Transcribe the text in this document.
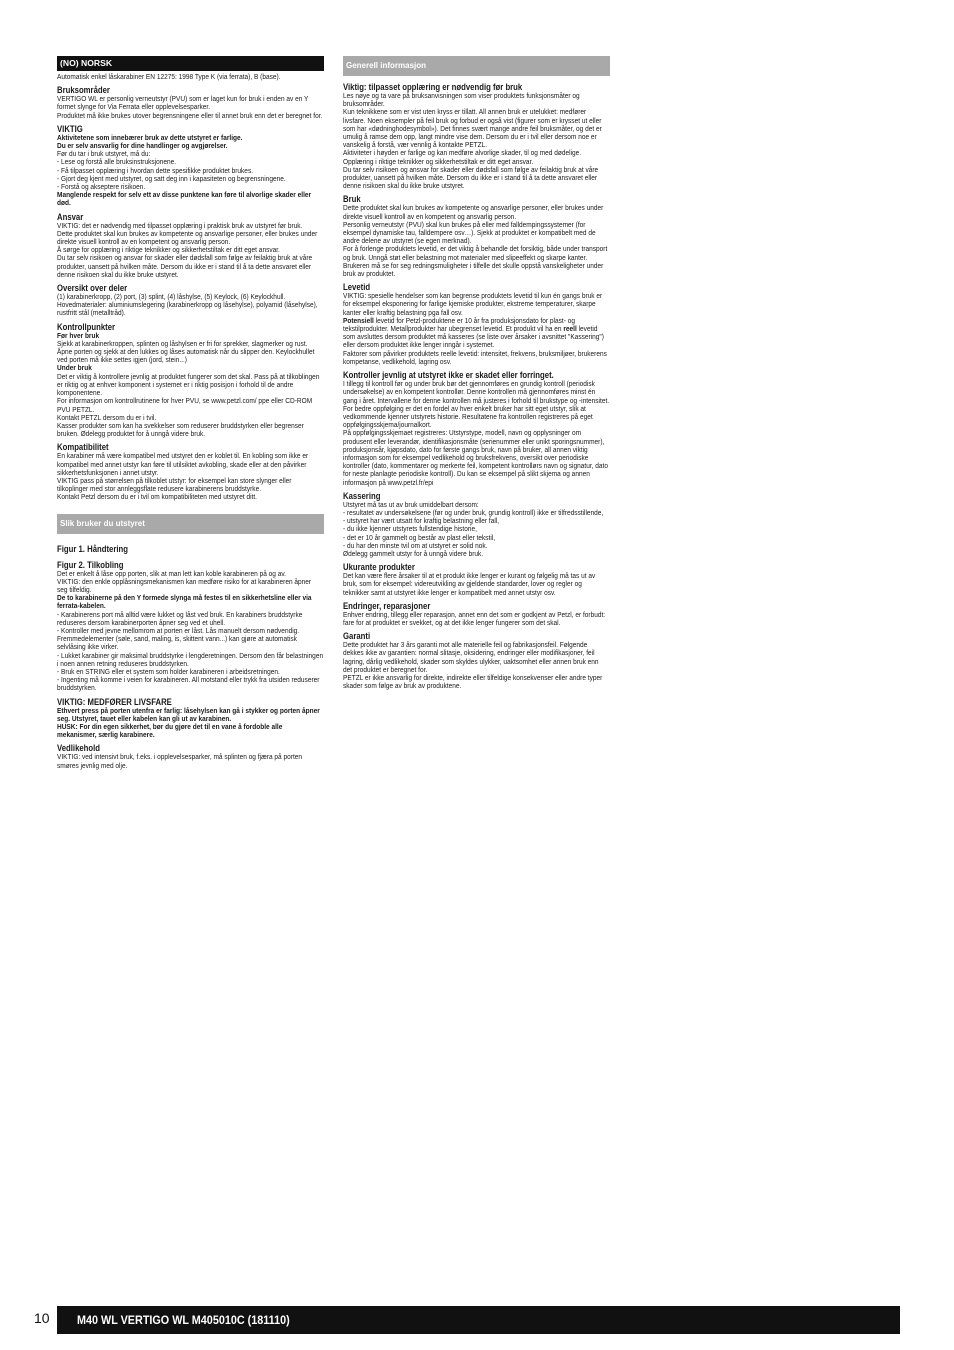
(NO) NORSK

Automatisk enkel låskarabiner EN 12275: 1998 Type K (via ferrata), B (base).

Bruksområder

VERTIGO WL er personlig verneutstyr (PVU) som er laget kun for bruk i enden av en Y formet slynge for Via Ferrata eller opplevelsesparker.
Produktet må ikke brukes utover begrensningene eller til annet bruk enn det er beregnet for.

VIKTIG

Aktivitetene som innebærer bruk av dette utstyret er farlige.
Du er selv ansvarlig for dine handlinger og avgjørelser.
Før du tar i bruk utstyret, må du:
- Lese og forstå alle bruksinstruksjonene.
- Få tilpasset opplæring i hvordan dette spesifikke produktet brukes.
- Gjort deg kjent med utstyret, og satt deg inn i kapasiteten og begrensningene.
- Forstå og akseptere risikoen.
Manglende respekt for selv ett av disse punktene kan føre til alvorlige skader eller død.

Ansvar

VIKTIG: det er nødvendig med tilpasset opplæring i praktisk bruk av utstyret før bruk.
Dette produktet skal kun brukes av kompetente og ansvarlige personer, eller brukes under direkte visuell kontroll av en kompetent og ansvarlig person.
Å sørge for opplæring i riktige teknikker og sikkerhetstiltak er ditt eget ansvar.
Du tar selv risikoen og ansvar for skader eller dødsfall som følge av feilaktig bruk at våre produkter, uansett på hvilken måte. Dersom du ikke er i stand til å ta dette ansvaret eller denne risikoen skal du ikke bruke utstyret.

Oversikt over deler

(1) karabinerkropp, (2) port, (3) splint, (4) låshylse, (5) Keylock, (6) Keylockhull.
Hovedmaterialer: aluminiumslegering (karabinerkropp og låsehylse), polyamid (låsehylse), rustfritt stål (metalltråd).

Kontrollpunkter

Før hver bruk
Sjekk at karabinerkroppen, splinten og låshylsen er fri for sprekker, slagmerker og rust. Åpne porten og sjekk at den lukkes og låses automatisk når du slipper den. Keylockhullet ved porten må ikke settes igjen (jord, stein...)
Under bruk
Det er viktig å kontrollere jevnlig at produktet fungerer som det skal. Pass på at tilkoblingen er riktig og at enhver komponent i systemet er i riktig posisjon i forhold til de andre komponentene.
For informasjon om kontrollrutinene for hver PVU, se www.petzl.com/ ppe eller CD-ROM PVU PETZL.
Kontakt PETZL dersom du er i tvil.
Kasser produkter som kan ha svekkelser som reduserer bruddstyrken eller begrenser bruken. Ødelegg produktet for å unngå videre bruk.

Kompatibilitet

En karabiner må være kompatibel med utstyret den er koblet til. En kobling som ikke er kompatibel med annet utstyr kan føre til utilsiktet avkobling, skade eller at den påvirker sikkerhetsfunksjonen i annet utstyr.
VIKTIG pass på størrelsen på tilkoblet utstyr: for eksempel kan store slynger eller tilkoplinger med stor annleggsflate redusere karabinerens bruddstyrke.
Kontakt Petzl dersom du er i tvil om kompatibiliteten med utstyret ditt.

Slik bruker du utstyret

Figur 1. Håndtering

Figur 2. Tilkobling

Det er enkelt å låse opp porten, slik at man lett kan koble karabineren på og av.
VIKTIG: den enkle opplåsningsmekanismen kan medføre risiko for at karabineren åpner seg tilfeldig.
De to karabinerne på den Y formede slynga må festes til en sikkerhetsline eller via ferrata-kabelen.
- Karabinerens port må alltid være lukket og låst ved bruk. En karabiners bruddstyrke reduseres dersom karabinerporten åpner seg ved et uhell.
- Kontroller med jevne mellomrom at porten er låst. Lås manuelt dersom nødvendig. Fremmedelementer (søle, sand, maling, is, skittent vann...) kan gjøre at automatisk selvlåsing ikke virker.
- Lukket karabiner gir maksimal bruddstyrke i lengderetningen. Dersom den får belastningen i noen annen retning reduseres bruddstyrken.
- Bruk en STRING eller et system som holder karabineren i arbeidsretningen.
- Ingenting må komme i veien for karabineren. All motstand eller trykk fra utsiden reduserer bruddstyrken.

VIKTIG: MEDFØRER LIVSFARE

Ethvert press på porten utenfra er farlig: låsehylsen kan gå i stykker og porten åpner seg. Utstyret, tauet eller kabelen kan gli ut av karabinen.
HUSK: For din egen sikkerhet, bør du gjøre det til en vane å fordoble alle mekanismer, særlig karabinere.

Vedlikehold

VIKTIG: ved intensivt bruk, f.eks. i opplevelsesparker, må splinten og fjæra på porten smøres jevnlig med olje.

Generell informasjon

Viktig: tilpasset opplæring er nødvendig før bruk

Les nøye og ta vare på bruksanvisningen som viser produktets funksjonsmåter og bruksområder.
Kun teknikkene som er vist uten kryss er tillatt. All annen bruk er utelukket: medfører livsfare. Noen eksempler på feil bruk og forbud er også vist (figurer som er krysset ut eller som har «dødninghodesymbol»). Det finnes svært mange andre feil bruksmåter, og det er umulig å ramse dem opp, langt mindre vise dem. Dersom du er i tvil eller dersom noe er vanskelig å forstå, vær vennlig å kontakte PETZL.
Aktiviteter i høyden er farlige og kan medføre alvorlige skader, til og med dødelige. Opplæring i riktige teknikker og sikkerhetstiltak er ditt eget ansvar.
Du tar selv risikoen og ansvar for skader eller dødsfall som følge av feilaktig bruk at våre produkter, uansett på hvilken måte. Dersom du ikke er i stand til å ta dette ansvaret eller denne risikoen skal du ikke bruke utstyret.

Bruk

Dette produktet skal kun brukes av kompetente og ansvarlige personer, eller brukes under direkte visuell kontroll av en kompetent og ansvarlig person.
Personlig verneutstyr (PVU) skal kun brukes på eller med falldempingssystemer (for eksempel dynamiske tau, falldempere osv…). Sjekk at produktet er kompatibelt med de andre delene av utstyret (se egen merknad).
For å forlenge produktets levetid, er det viktig å behandle det forsiktig, både under transport og bruk. Unngå støt eller belastning mot materialer med slipeeffekt og skarpe kanter.
Brukeren må se for seg redningsmuligheter i tilfelle det skulle oppstå vanskeligheter under bruk av produktet.

Levetid

VIKTIG: spesielle hendelser som kan begrense produktets levetid til kun én gangs bruk er for eksempel eksponering for farlige kjemiske produkter, ekstreme temperaturer, skarpe kanter eller kraftig belastning pga fall osv.
Potensiell levetid for Petzl-produktene er 10 år fra produksjonsdato for plast- og tekstilprodukter. Metallprodukter har ubegrenset levetid. Et produkt vil ha en reell levetid som avsluttes dersom produktet må kasseres (se liste over årsaker i avsnittet "Kassering") eller dersom produktet ikke lenger inngår i systemet.
Faktorer som påvirker produktets reelle levetid: intensitet, frekvens, bruksmiljøer, brukerens kompetanse, vedlikehold, lagring osv.

Kontroller jevnlig at utstyret ikke er skadet eller forringet.

I tillegg til kontroll før og under bruk bør det gjennomføres en grundig kontroll (periodisk undersøkelse) av en kompetent kontrollør. Denne kontrollen må gjennomføres minst én gang i året. Intervallene for denne kontrollen må justeres i forhold til brukstype og -intensitet. For bedre oppfølging er det en fordel av hver enkelt bruker har sitt eget utstyr, slik at vedkommende kjenner utstyrets historie. Resultatene fra kontrollen registreres på eget oppfølgingsskjema/journalkort.
På oppfølgingsskjemaet registreres: Utstyrstype, modell, navn og opplysninger om produsent eller leverandør, identifikasjonsmåte (serienummer eller unikt sporingsnummer), produksjonsår, kjøpsdato, dato for første gangs bruk, navn på bruker, all annen viktig informasjon som for eksempel vedlikehold og bruksfrekvens, oversikt over periodiske kontroller (dato, kommentarer og merkerte feil, kompetent kontrollørs navn og signatur, dato for neste planlagte periodiske kontroll). Du kan se eksempel på slikt skjema og annen informasjon på www.petzl.fr/epi

Kassering

Utstyret må tas ut av bruk umiddelbart dersom:
- resultatet av undersøkelsene (før og under bruk, grundig kontroll) ikke er tilfredsstillende,
- utstyret har vært utsatt for kraftig belastning eller fall,
- du ikke kjenner utstyrets fullstendige historie,
- det er 10 år gammelt og består av plast eller tekstil,
- du har den minste tvil om at utstyret er solid nok.
Ødelegg gammelt utstyr for å unngå videre bruk.

Ukurante produkter

Det kan være flere årsaker til at et produkt ikke lenger er kurant og følgelig må tas ut av bruk, som for eksempel: videreutvikling av gjeldende standarder, lover og regler og teknikker samt at utstyret ikke lenger er kompatibelt med annet utstyr osv.

Endringer, reparasjoner

Enhver endring, tillegg eller reparasjon, annet enn det som er godkjent av Petzl, er forbudt: fare for at produktet er svekket, og at det ikke lenger fungerer som det skal.

Garanti

Dette produktet har 3 års garanti mot alle materielle feil og fabrikasjonsfeil. Følgende dekkes ikke av garantien: normal slitasje, oksidering, endringer eller modifikasjoner, feil lagring, dårlig vedlikehold, skader som skyldes ulykker, uaktsomhet eller annen bruk enn det produktet er beregnet for.
PETZL er ikke ansvarlig for direkte, indirekte eller tilfeldige konsekvenser eller andre typer skader som følge av bruk av produktene.

10	M40 WL VERTIGO WL M405010C (181110)
